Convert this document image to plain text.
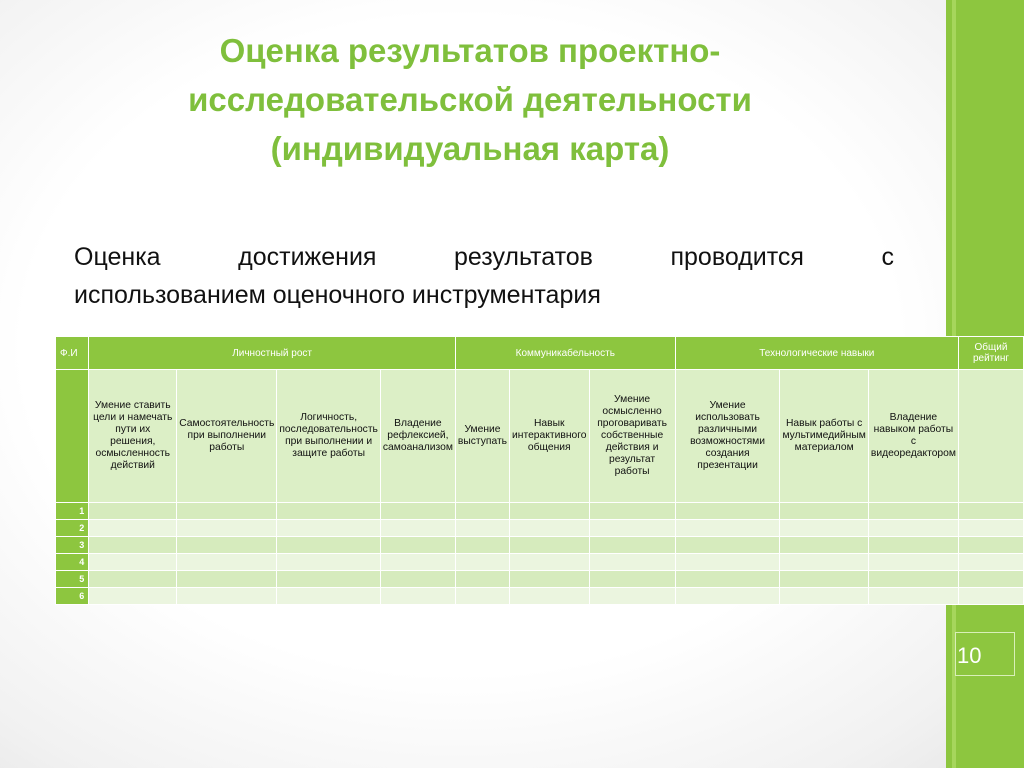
10
Оценка результатов проектно-
исследовательской деятельности
(индивидуальная карта)
Оценка	достижения	результатов	проводится	с
использованием оценочного инструментария
Ф.И	Личностный рост				Коммуникабельность			Технологические навыки			Общий рейтинг
	Умение ставить цели и намечать пути их решения, осмысленность действий	Самостоятельность при выполнении работы	Логичность, последовательность при выполнении и защите работы	Владение рефлексией, самоанализом	Умение выступать	Навык интерактивного общения	Умение осмысленно проговаривать собственные действия и результат работы	Умение использовать различными возможностями создания презентации	Навык работы с мультимедийным материалом	Владение навыком работы с видеоредактором	
1											
2											
3											
4											
5											
6											
